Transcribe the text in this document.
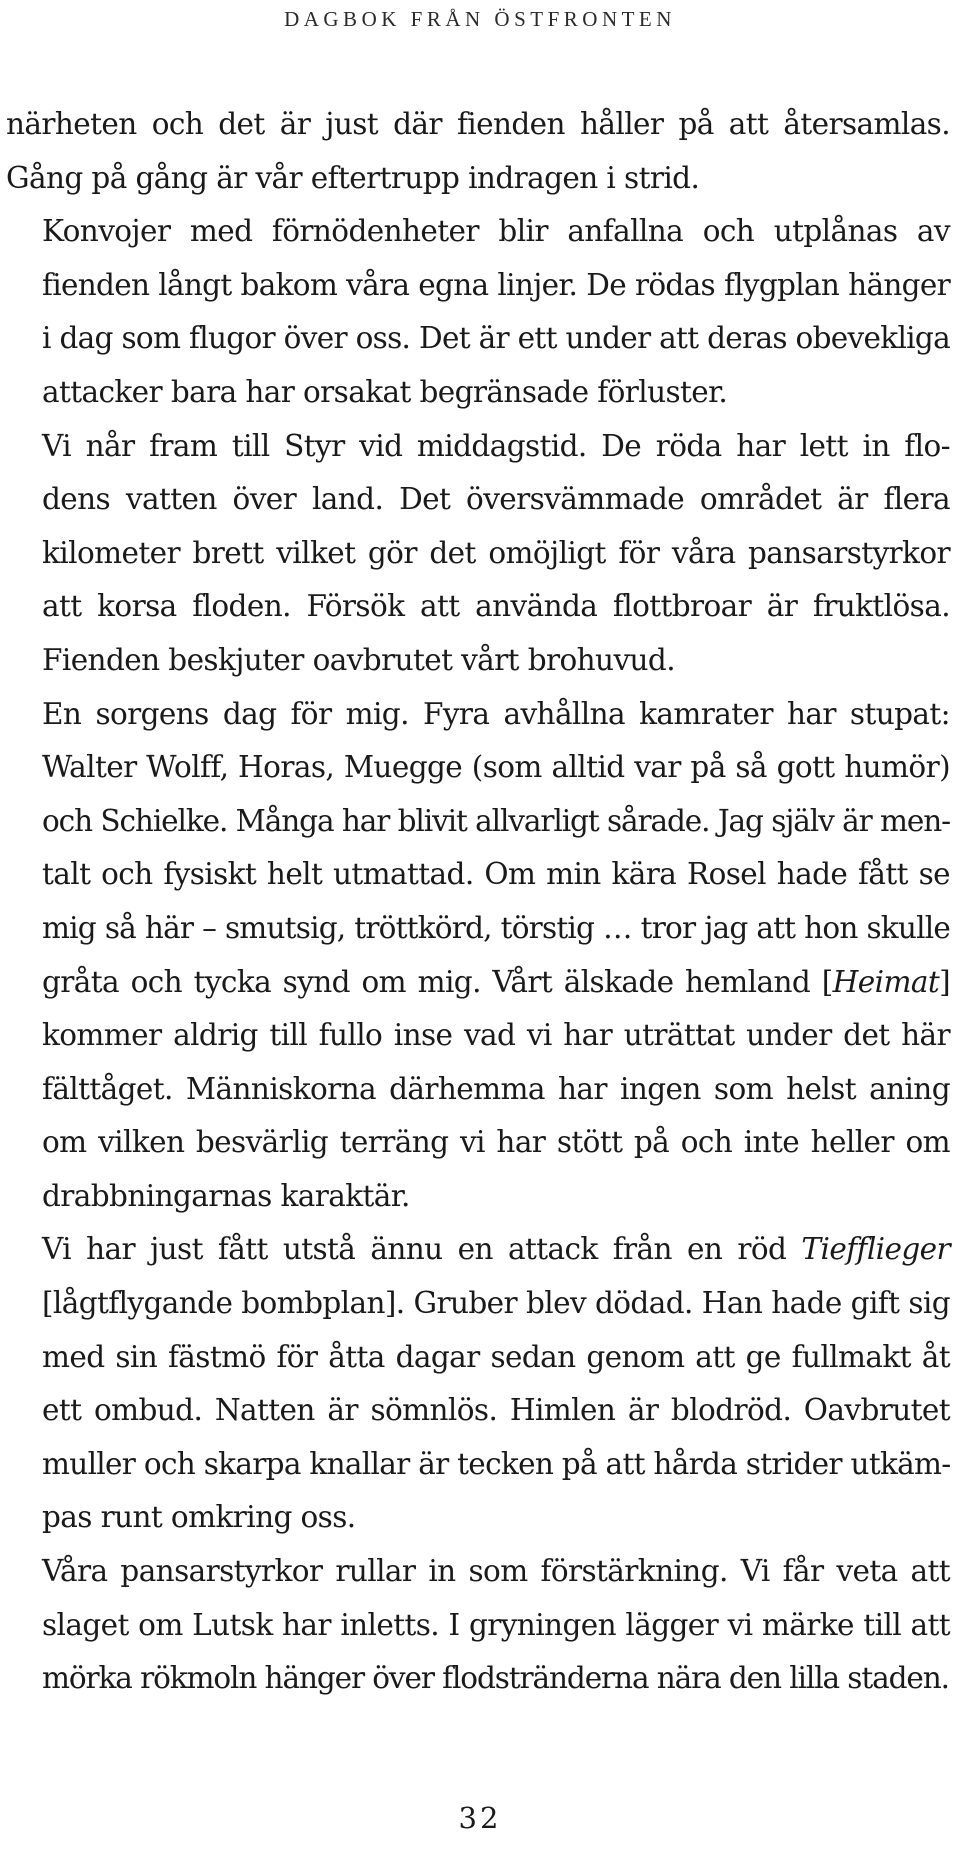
DAGBOK FRÅN ÖSTFRONTEN

närheten och det är just där fienden håller på att återsamlas.
Gång på gång är vår eftertrupp indragen i strid.

Konvojer med förnödenheter blir anfallna och utplånas av
fienden långt bakom våra egna linjer. De rödas flygplan hänger
i dag som flugor över oss. Det är ett under att deras obevekliga
attacker bara har orsakat begränsade förluster.

Vi når fram till Styr vid middagstid. De röda har lett in flo-
dens vatten över land. Det översvämmade området är flera
kilometer brett vilket gör det omöjligt för våra pansarstyrkor
att korsa floden. Försök att använda flottbroar är fruktlösa.
Fienden beskjuter oavbrutet vårt brohuvud.

En sorgens dag för mig. Fyra avhållna kamrater har stupat:
Walter Wolff, Horas, Muegge (som alltid var på så gott humör)
och Schielke. Många har blivit allvarligt sårade. Jag själv är men-
talt och fysiskt helt utmattad. Om min kära Rosel hade fått se
mig så här – smutsig, tröttkörd, törstig … tror jag att hon skulle
gråta och tycka synd om mig. Vårt älskade hemland [Heimat]
kommer aldrig till fullo inse vad vi har uträttat under det här
fälttåget. Människorna därhemma har ingen som helst aning
om vilken besvärlig terräng vi har stött på och inte heller om
drabbningarnas karaktär.

Vi har just fått utstå ännu en attack från en röd Tiefflieger
[lågtflygande bombplan]. Gruber blev dödad. Han hade gift sig
med sin fästmö för åtta dagar sedan genom att ge fullmakt åt
ett ombud. Natten är sömnlös. Himlen är blodröd. Oavbrutet
muller och skarpa knallar är tecken på att hårda strider utkäm-
pas runt omkring oss.

Våra pansarstyrkor rullar in som förstärkning. Vi får veta att
slaget om Lutsk har inletts. I gryningen lägger vi märke till att
mörka rökmoln hänger över flodstränderna nära den lilla staden.

32
